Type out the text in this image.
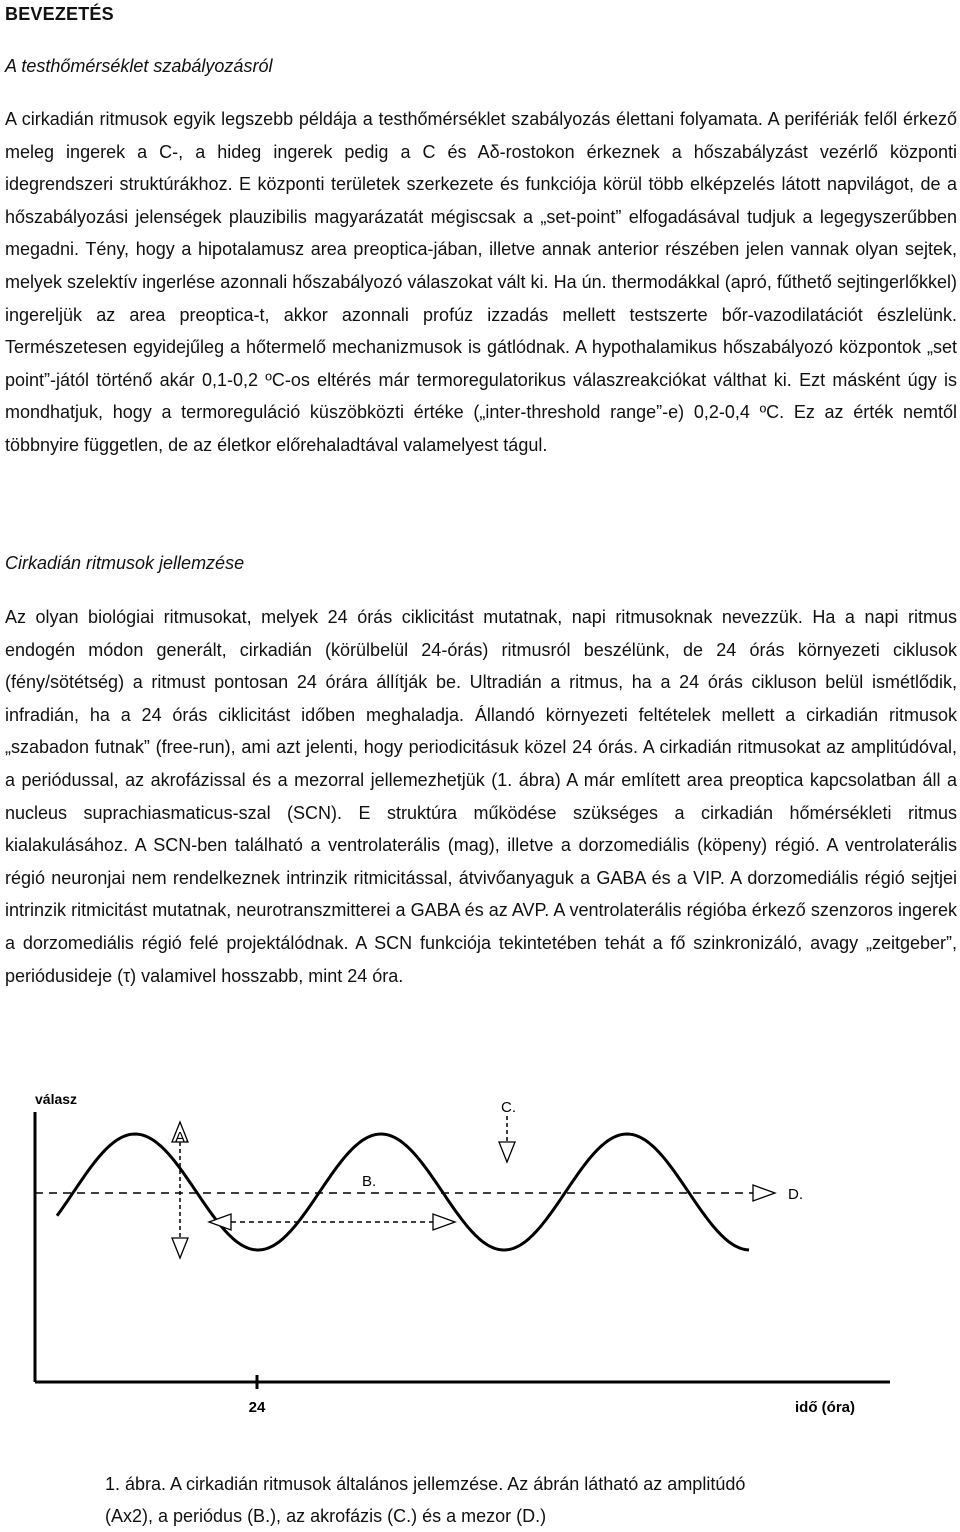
BEVEZETÉS
A testhőmérséklet szabályozásról

A cirkadián ritmusok egyik legszebb példája a testhőmérséklet szabályozás élettani folyamata. A perifériák felől érkező meleg ingerek a C-, a hideg ingerek pedig a C és Aδ-rostokon érkeznek a hőszabályzást vezérlő központi idegrendszeri struktúrákhoz. E központi területek szerkezete és funkciója körül több elképzelés látott napvilágot, de a hőszabályozási jelenségek plauzibilis magyarázatát mégiscsak a „set-point” elfogadásával tudjuk a legegyszerűbben megadni. Tény, hogy a hipotalamusz area preoptica-jában, illetve annak anterior részében jelen vannak olyan sejtek, melyek szelektív ingerlése azonnali hőszabályozó válaszokat vált ki. Ha ún. thermodákkal (apró, fűthető sejtingerlőkkel) ingereljük az area preoptica-t, akkor azonnali profúz izzadás mellett testszerte bőr-vazodilatációt észlelünk. Természetesen egyidejűleg a hőtermelő mechanizmusok is gátlódnak. A hypothalamikus hőszabályozó központok „set point”-jától történő akár 0,1-0,2 ºC-os eltérés már termoregulatorikus válaszreakciókat válthat ki. Ezt másként úgy is mondhatjuk, hogy a termoreguláció küszöbközti értéke („inter-threshold range”-e) 0,2-0,4 ºC. Ez az érték nemtől többnyire független, de az életkor előrehaladtával valamelyest tágul.

Cirkadián ritmusok jellemzése

Az olyan biológiai ritmusokat, melyek 24 órás ciklicitást mutatnak, napi ritmusoknak nevezzük. Ha a napi ritmus endogén módon generált, cirkadián (körülbelül 24-órás) ritmusról beszélünk, de 24 órás környezeti ciklusok (fény/sötétség) a ritmust pontosan 24 órára állítják be. Ultradián a ritmus, ha a 24 órás cikluson belül ismétlődik, infradián, ha a 24 órás ciklicitást időben meghaladja. Állandó környezeti feltételek mellett a cirkadián ritmusok „szabadon futnak” (free-run), ami azt jelenti, hogy periodicitásuk közel 24 órás. A cirkadián ritmusokat az amplitúdóval, a periódussal, az akrofázissal és a mezorral jellemezhetjük (1. ábra) A már említett area preoptica kapcsolatban áll a nucleus suprachiasmaticus-szal (SCN). E struktúra működése szükséges a cirkadián hőmérsékleti ritmus kialakulásához. A SCN-ben található a ventrolaterális (mag), illetve a dorzomediális (köpeny) régió. A ventrolaterális régió neuronjai nem rendelkeznek intrinzik ritmicitással, átvivőanyaguk a GABA és a VIP. A dorzomediális régió sejtjei intrinzik ritmicitást mutatnak, neurotranszmitterei a GABA és az AVP. A ventrolaterális régióba érkező szenzoros ingerek a dorzomediális régió felé projektálódnak. A SCN funkciója tekintetében tehát a fő szinkronizáló, avagy „zeitgeber”, periódusideje (τ) valamivel hosszabb, mint 24 óra.

24
válasz
idő (óra)
D.
A.
B.
C.
1. ábra. A cirkadián ritmusok általános jellemzése. Az ábrán látható az amplitúdó
(Ax2), a periódus (B.), az akrofázis (C.) és a mezor (D.)
